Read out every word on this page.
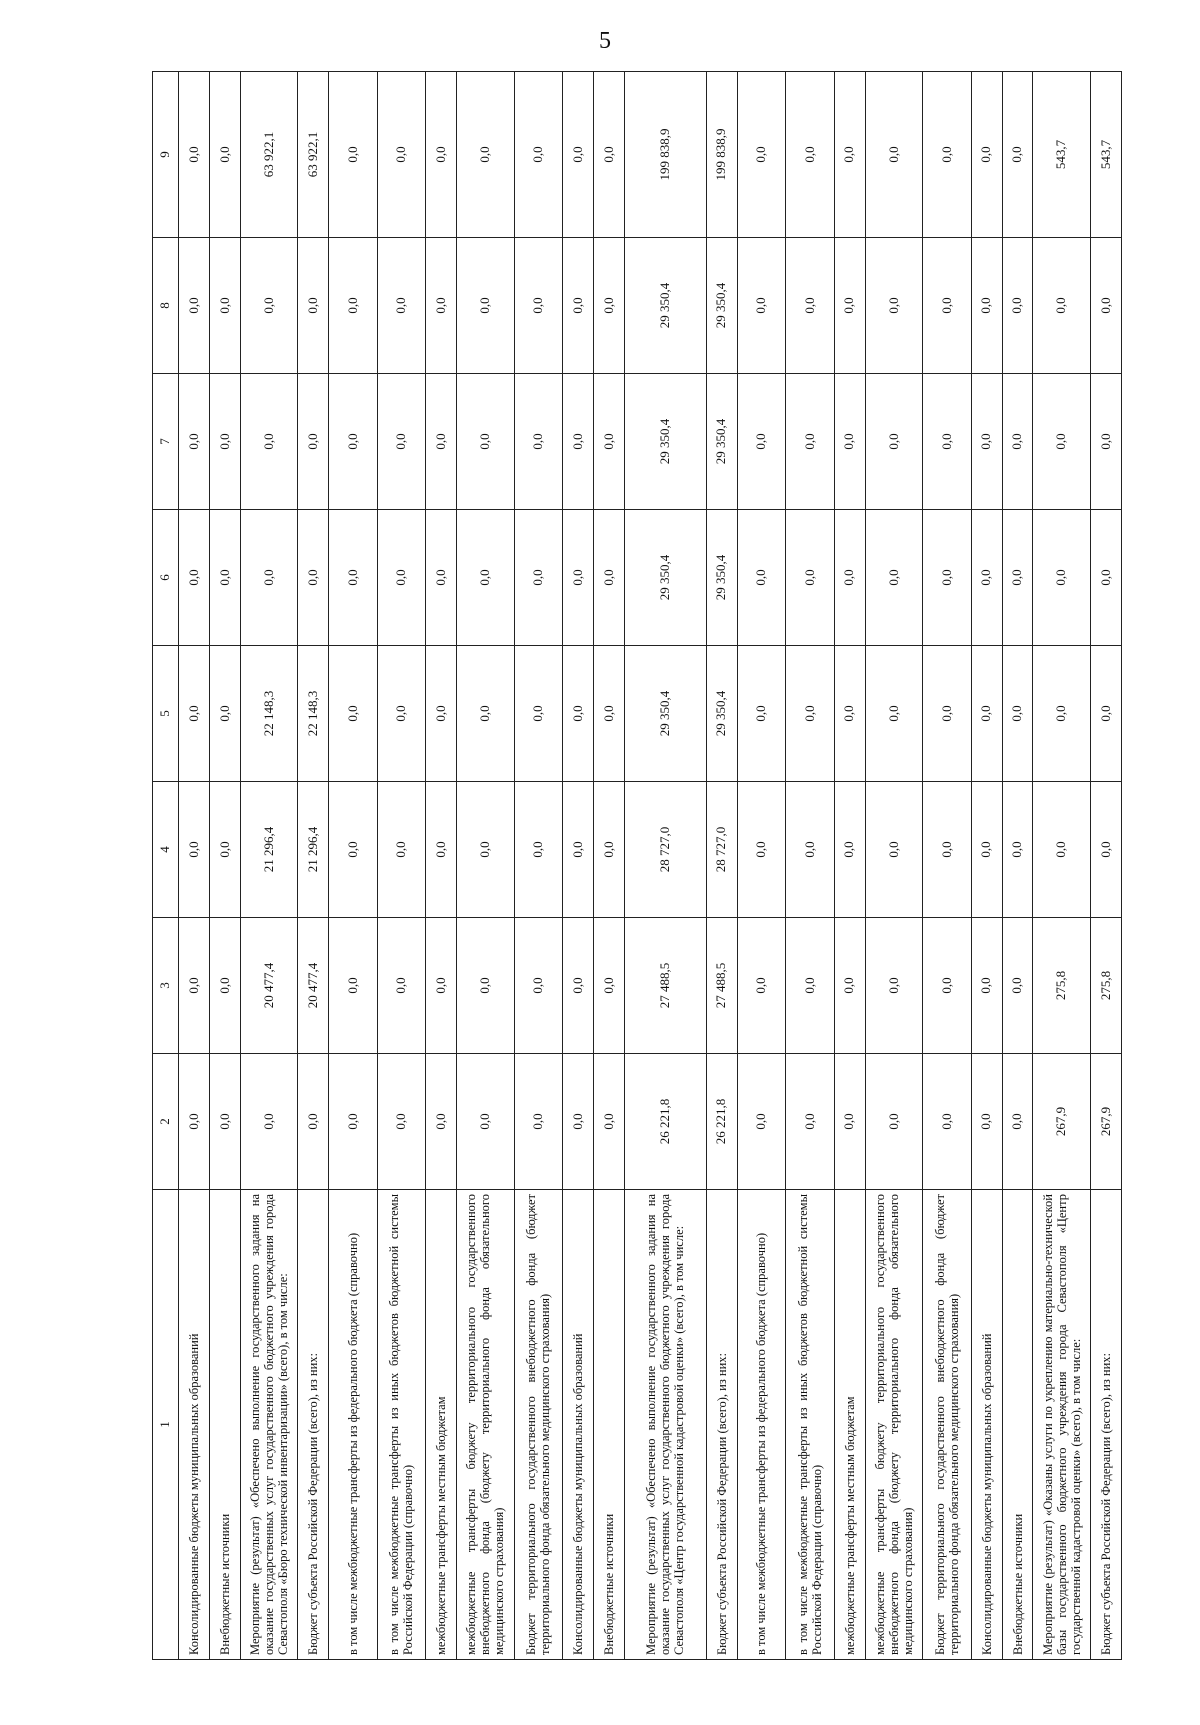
5
1	2	3	4	5	6	7	8	9
Консолидированные бюджеты муниципальных образований	0,0	0,0	0,0	0,0	0,0	0,0	0,0	0,0
Внебюджетные источники	0,0	0,0	0,0	0,0	0,0	0,0	0,0	0,0
Мероприятие (результат) «Обеспечено выполнение государственного задания на оказание государственных услуг государственного бюджетного учреждения города Севастополя «Бюро технической инвентаризации» (всего), в том числе:	0,0	20 477,4	21 296,4	22 148,3	0,0	0,0	0,0	63 922,1
Бюджет субъекта Российской Федерации (всего), из них:	0,0	20 477,4	21 296,4	22 148,3	0,0	0,0	0,0	63 922,1
в том числе межбюджетные трансферты из федерального бюджета (справочно)	0,0	0,0	0,0	0,0	0,0	0,0	0,0	0,0
в том числе межбюджетные трансферты из иных бюджетов бюджетной системы Российской Федерации (справочно)	0,0	0,0	0,0	0,0	0,0	0,0	0,0	0,0
межбюджетные трансферты местным бюджетам	0,0	0,0	0,0	0,0	0,0	0,0	0,0	0,0
межбюджетные трансферты бюджету территориального государственного внебюджетного фонда (бюджету территориального фонда обязательного медицинского страхования)	0,0	0,0	0,0	0,0	0,0	0,0	0,0	0,0
Бюджет территориального государственного внебюджетного фонда (бюджет территориального фонда обязательного медицинского страхования)	0,0	0,0	0,0	0,0	0,0	0,0	0,0	0,0
Консолидированные бюджеты муниципальных образований	0,0	0,0	0,0	0,0	0,0	0,0	0,0	0,0
Внебюджетные источники	0,0	0,0	0,0	0,0	0,0	0,0	0,0	0,0
Мероприятие (результат) «Обеспечено выполнение государственного задания на оказание государственных услуг государственного бюджетного учреждения города Севастополя «Центр государственной кадастровой оценки» (всего), в том числе:	26 221,8	27 488,5	28 727,0	29 350,4	29 350,4	29 350,4	29 350,4	199 838,9
Бюджет субъекта Российской Федерации (всего), из них:	26 221,8	27 488,5	28 727,0	29 350,4	29 350,4	29 350,4	29 350,4	199 838,9
в том числе межбюджетные трансферты из федерального бюджета (справочно)	0,0	0,0	0,0	0,0	0,0	0,0	0,0	0,0
в том числе межбюджетные трансферты из иных бюджетов бюджетной системы Российской Федерации (справочно)	0,0	0,0	0,0	0,0	0,0	0,0	0,0	0,0
межбюджетные трансферты местным бюджетам	0,0	0,0	0,0	0,0	0,0	0,0	0,0	0,0
межбюджетные трансферты бюджету территориального государственного внебюджетного фонда (бюджету территориального фонда обязательного медицинского страхования)	0,0	0,0	0,0	0,0	0,0	0,0	0,0	0,0
Бюджет территориального государственного внебюджетного фонда (бюджет территориального фонда обязательного медицинского страхования)	0,0	0,0	0,0	0,0	0,0	0,0	0,0	0,0
Консолидированные бюджеты муниципальных образований	0,0	0,0	0,0	0,0	0,0	0,0	0,0	0,0
Внебюджетные источники	0,0	0,0	0,0	0,0	0,0	0,0	0,0	0,0
Мероприятие (результат) «Оказаны услуги по укреплению материально-технической базы государственного бюджетного учреждения города Севастополя «Центр государственной кадастровой оценки» (всего), в том числе:	267,9	275,8	0,0	0,0	0,0	0,0	0,0	543,7
Бюджет субъекта Российской Федерации (всего), из них:	267,9	275,8	0,0	0,0	0,0	0,0	0,0	543,7
